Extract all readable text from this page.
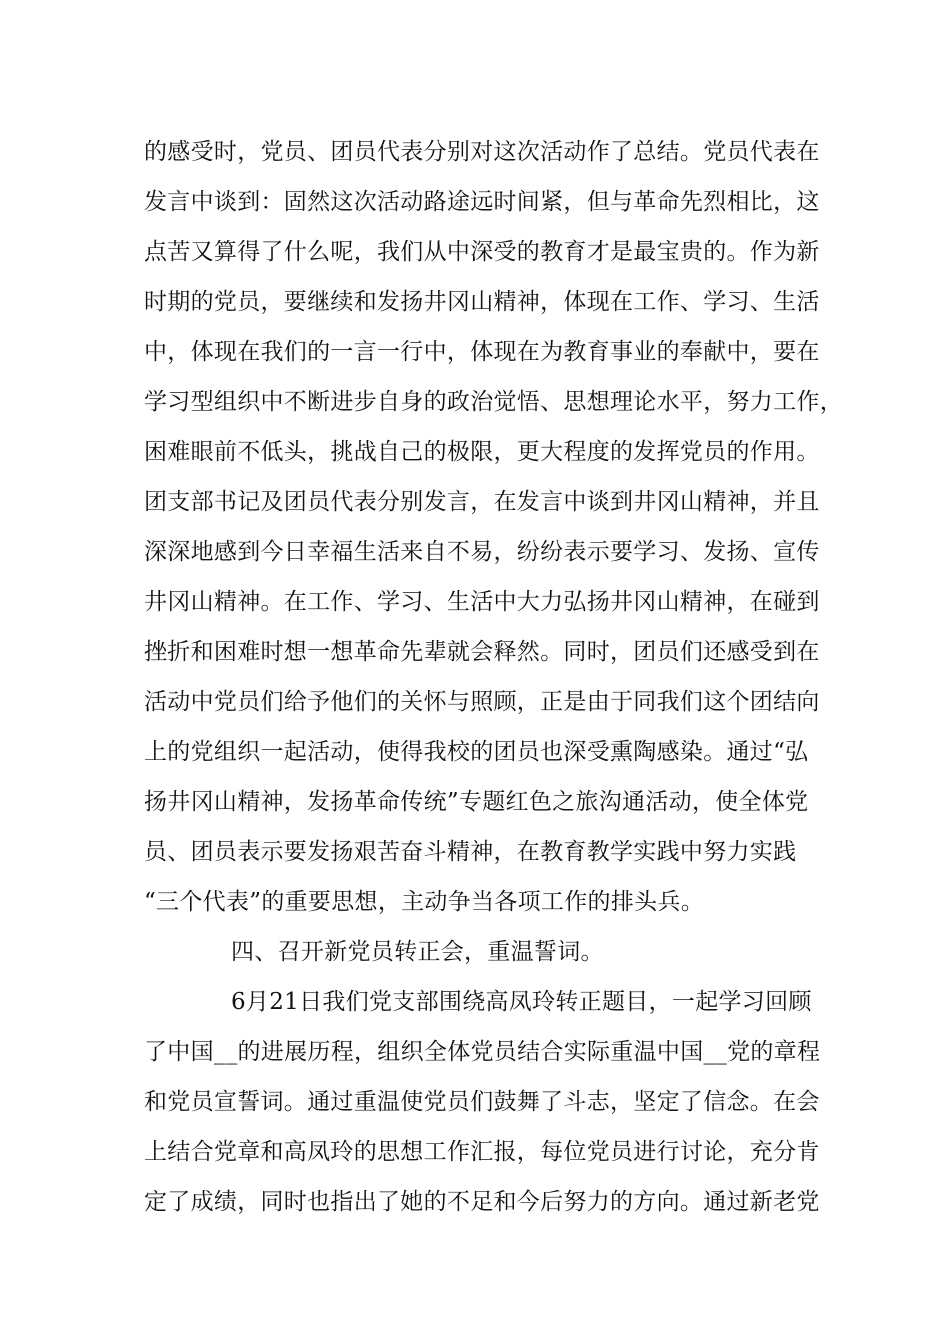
的感受时，党员、团员代表分别对这次活动作了总结。党员代表在
发言中谈到：固然这次活动路途远时间紧，但与革命先烈相比，这
点苦又算得了什么呢，我们从中深受的教育才是最宝贵的。作为新
时期的党员，要继续和发扬井冈山精神，体现在工作、学习、生活
中，体现在我们的一言一行中，体现在为教育事业的奉献中，要在
学习型组织中不断进步自身的政治觉悟、思想理论水平，努力工作，
困难眼前不低头，挑战自己的极限，更大程度的发挥党员的作用。
团支部书记及团员代表分别发言，在发言中谈到井冈山精神，并且
深深地感到今日幸福生活来自不易，纷纷表示要学习、发扬、宣传
井冈山精神。在工作、学习、生活中大力弘扬井冈山精神，在碰到
挫折和困难时想一想革命先辈就会释然。同时，团员们还感受到在
活动中党员们给予他们的关怀与照顾，正是由于同我们这个团结向
上的党组织一起活动，使得我校的团员也深受熏陶感染。通过“弘
扬井冈山精神，发扬革命传统”专题红色之旅沟通活动，使全体党
员、团员表示要发扬艰苦奋斗精神，在教育教学实践中努力实践
“三个代表”的重要思想，主动争当各项工作的排头兵。
四、召开新党员转正会，重温誓词。
6月21日我们党支部围绕高凤玲转正题目，一起学习回顾
了中国__的进展历程，组织全体党员结合实际重温中国__党的章程
和党员宣誓词。通过重温使党员们鼓舞了斗志，坚定了信念。在会
上结合党章和高凤玲的思想工作汇报，每位党员进行讨论，充分肯
定了成绩，同时也指出了她的不足和今后努力的方向。通过新老党
